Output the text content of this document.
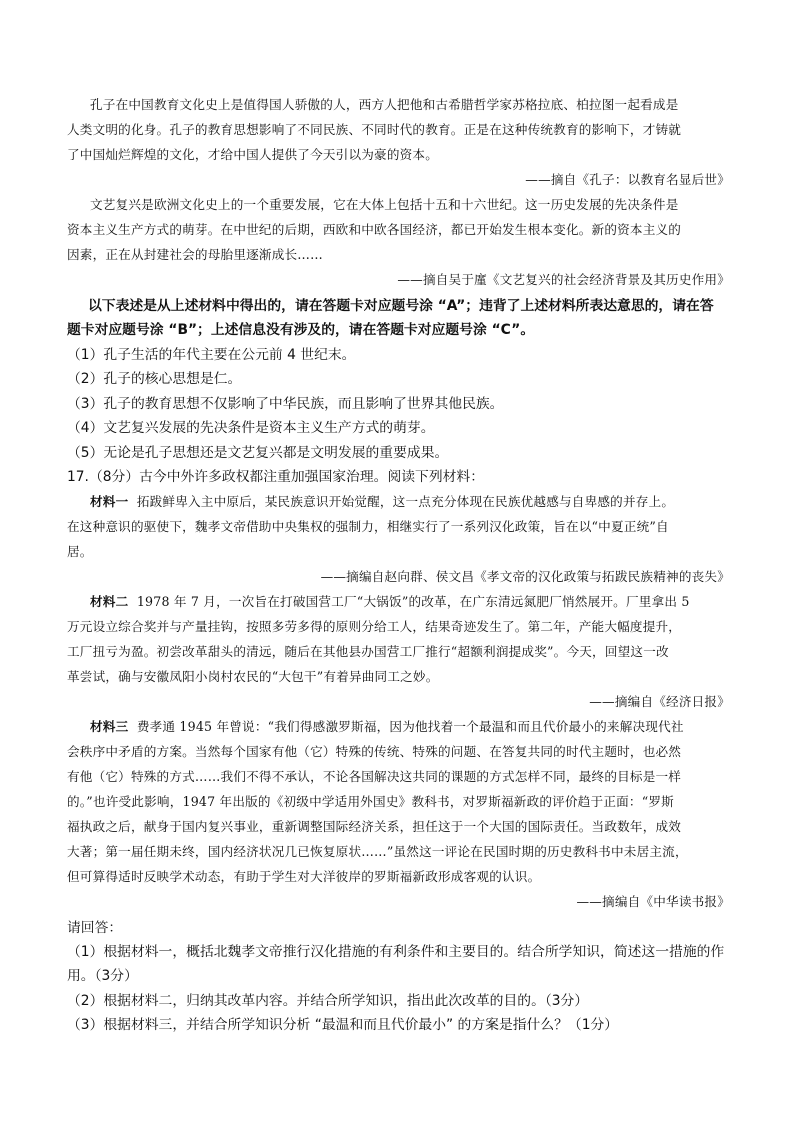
孔子在中国教育文化史上是值得国人骄傲的人，西方人把他和古希腊哲学家苏格拉底、柏拉图一起看成是
人类文明的化身。孔子的教育思想影响了不同民族、不同时代的教育。正是在这种传统教育的影响下，才铸就
了中国灿烂辉煌的文化，才给中国人提供了今天引以为豪的资本。
——摘自《孔子：以教育名显后世》
文艺复兴是欧洲文化史上的一个重要发展，它在大体上包括十五和十六世纪。这一历史发展的先决条件是
资本主义生产方式的萌芽。在中世纪的后期，西欧和中欧各国经济，都已开始发生根本变化。新的资本主义的
因素，正在从封建社会的母胎里逐渐成长……
——摘自吴于廑《文艺复兴的社会经济背景及其历史作用》
以下表述是从上述材料中得出的，请在答题卡对应题号涂 “A”；违背了上述材料所表达意思的，请在答
题卡对应题号涂 “B”；上述信息没有涉及的，请在答题卡对应题号涂 “C”。
（1）孔子生活的年代主要在公元前 4 世纪末。
（2）孔子的核心思想是仁。
（3）孔子的教育思想不仅影响了中华民族，而且影响了世界其他民族。
（4）文艺复兴发展的先决条件是资本主义生产方式的萌芽。
（5）无论是孔子思想还是文艺复兴都是文明发展的重要成果。
17.（8分）古今中外许多政权都注重加强国家治理。阅读下列材料：
材料一 拓跋鲜卑入主中原后，某民族意识开始觉醒，这一点充分体现在民族优越感与自卑感的并存上。
在这种意识的驱使下，魏孝文帝借助中央集权的强制力，相继实行了一系列汉化政策，旨在以“中夏正统”自
居。
——摘编自赵向群、侯文昌《孝文帝的汉化政策与拓跋民族精神的丧失》
材料二 1978 年 7 月，一次旨在打破国营工厂“大锅饭”的改革，在广东清远氮肥厂悄然展开。厂里拿出 5
万元设立综合奖并与产量挂钩，按照多劳多得的原则分给工人，结果奇迹发生了。第二年，产能大幅度提升，
工厂扭亏为盈。初尝改革甜头的清远，随后在其他县办国营工厂推行“超额利润提成奖”。今天，回望这一改
革尝试，确与安徽凤阳小岗村农民的“大包干”有着异曲同工之妙。
——摘编自《经济日报》
材料三 费孝通 1945 年曾说：“我们得感激罗斯福，因为他找着一个最温和而且代价最小的来解决现代社
会秩序中矛盾的方案。当然每个国家有他（它）特殊的传统、特殊的问题、在答复共同的时代主题时，也必然
有他（它）特殊的方式……我们不得不承认，不论各国解决这共同的课题的方式怎样不同，最终的目标是一样
的。”也许受此影响，1947 年出版的《初级中学适用外国史》教科书，对罗斯福新政的评价趋于正面：“罗斯
福执政之后，献身于国内复兴事业，重新调整国际经济关系，担任这于一个大国的国际责任。当政数年，成效
大著；第一届任期未终，国内经济状况几已恢复原状……”虽然这一评论在民国时期的历史教科书中未居主流，
但可算得适时反映学术动态，有助于学生对大洋彼岸的罗斯福新政形成客观的认识。
——摘编自《中华读书报》
请回答：
（1）根据材料一，概括北魏孝文帝推行汉化措施的有利条件和主要目的。结合所学知识，简述这一措施的作
用。（3分）
（2）根据材料二，归纳其改革内容。并结合所学知识，指出此次改革的目的。（3分）
（3）根据材料三，并结合所学知识分析 “最温和而且代价最小” 的方案是指什么？（1分）
